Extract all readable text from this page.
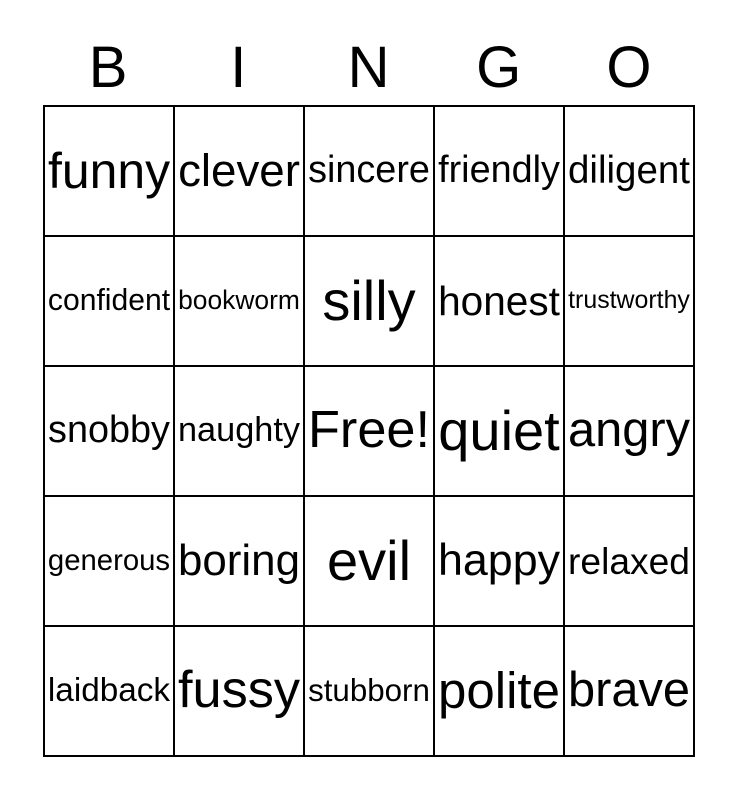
B	I	N	G	O
funny clever sincere friendly diligent
confident bookworm silly honest trustworthy
snobby naughty Free! quiet angry
generous boring evil happy relaxed
laidback fussy stubborn polite brave
